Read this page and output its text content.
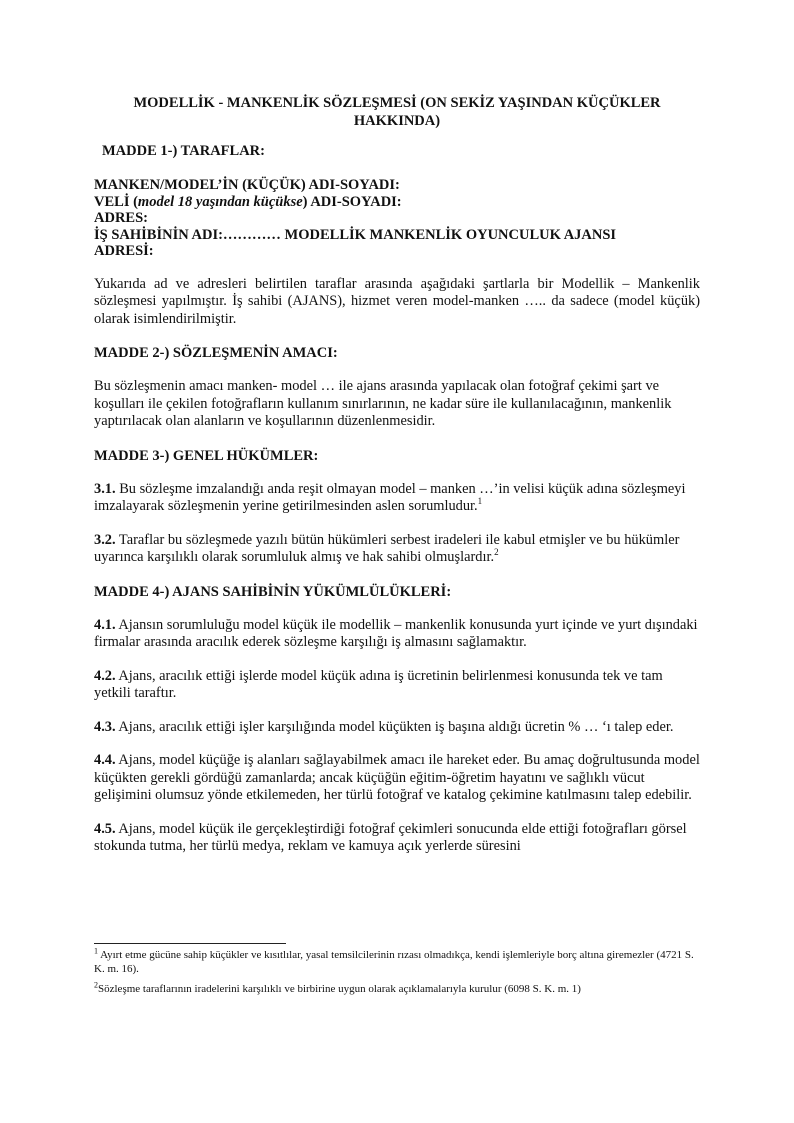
MODELLİK - MANKENLİK SÖZLEŞMESİ (ON SEKİZ YAŞINDAN KÜÇÜKLER HAKKINDA)
MADDE 1-) TARAFLAR:
MANKEN/MODEL’İN (KÜÇÜK) ADI-SOYADI:
VELİ (model 18 yaşından küçükse) ADI-SOYADI:
ADRES:
İŞ SAHİBİNİN ADI:………… MODELLİK MANKENLİK OYUNCULUK AJANSI
ADRESİ:

Yukarıda ad ve adresleri belirtilen taraflar arasında aşağıdaki şartlarla bir Modellik – Mankenlik sözleşmesi yapılmıştır. İş sahibi (AJANS), hizmet veren model-manken ….. da sadece (model küçük) olarak isimlendirilmiştir.

MADDE 2-) SÖZLEŞMENİN AMACI:

Bu sözleşmenin amacı manken- model … ile ajans arasında yapılacak olan fotoğraf çekimi şart ve koşulları ile çekilen fotoğrafların kullanım sınırlarının, ne kadar süre ile kullanılacağının, mankenlik yaptırılacak olan alanların ve koşullarının düzenlenmesidir.

MADDE 3-) GENEL HÜKÜMLER:

3.1. Bu sözleşme imzalandığı anda reşit olmayan model – manken …’in velisi küçük adına sözleşmeyi imzalayarak sözleşmenin yerine getirilmesinden aslen sorumludur.$^1$

3.2. Taraflar bu sözleşmede yazılı bütün hükümleri serbest iradeleri ile kabul etmişler ve bu hükümler uyarınca karşılıklı olarak sorumluluk almış ve hak sahibi olmuşlardır.$^2$

MADDE 4-) AJANS SAHİBİNİN YÜKÜMLÜLÜKLERİ:

4.1. Ajansın sorumluluğu model küçük ile modellik – mankenlik konusunda yurt içinde ve yurt dışındaki firmalar arasında aracılık ederek sözleşme karşılığı iş almasını sağlamaktır.

4.2. Ajans, aracılık ettiği işlerde model küçük adına iş ücretinin belirlenmesi konusunda tek ve tam yetkili taraftır.

4.3. Ajans, aracılık ettiği işler karşılığında model küçükten iş başına aldığı ücretin % … ‘ı talep eder.

4.4. Ajans, model küçüğe iş alanları sağlayabilmek amacı ile hareket eder. Bu amaç doğrultusunda model küçükten gerekli gördüğü zamanlarda; ancak küçüğün eğitim-öğretim hayatını ve sağlıklı vücut gelişimini olumsuz yönde etkilemeden, her türlü fotoğraf ve katalog çekimine katılmasını talep edebilir.

4.5. Ajans, model küçük ile gerçekleştirdiği fotoğraf çekimleri sonucunda elde ettiği fotoğrafları görsel stokunda tutma, her türlü medya, reklam ve kamuya açık yerlerde süresini

$^1$ Ayırt etme gücüne sahip küçükler ve kısıtlılar, yasal temsilcilerinin rızası olmadıkça, kendi işlemleriyle borç altına giremezler (4721 S. K. m. 16).
$^2$Sözleşme taraflarının iradelerini karşılıklı ve birbirine uygun olarak açıklamalarıyla kurulur (6098 S. K. m. 1)
